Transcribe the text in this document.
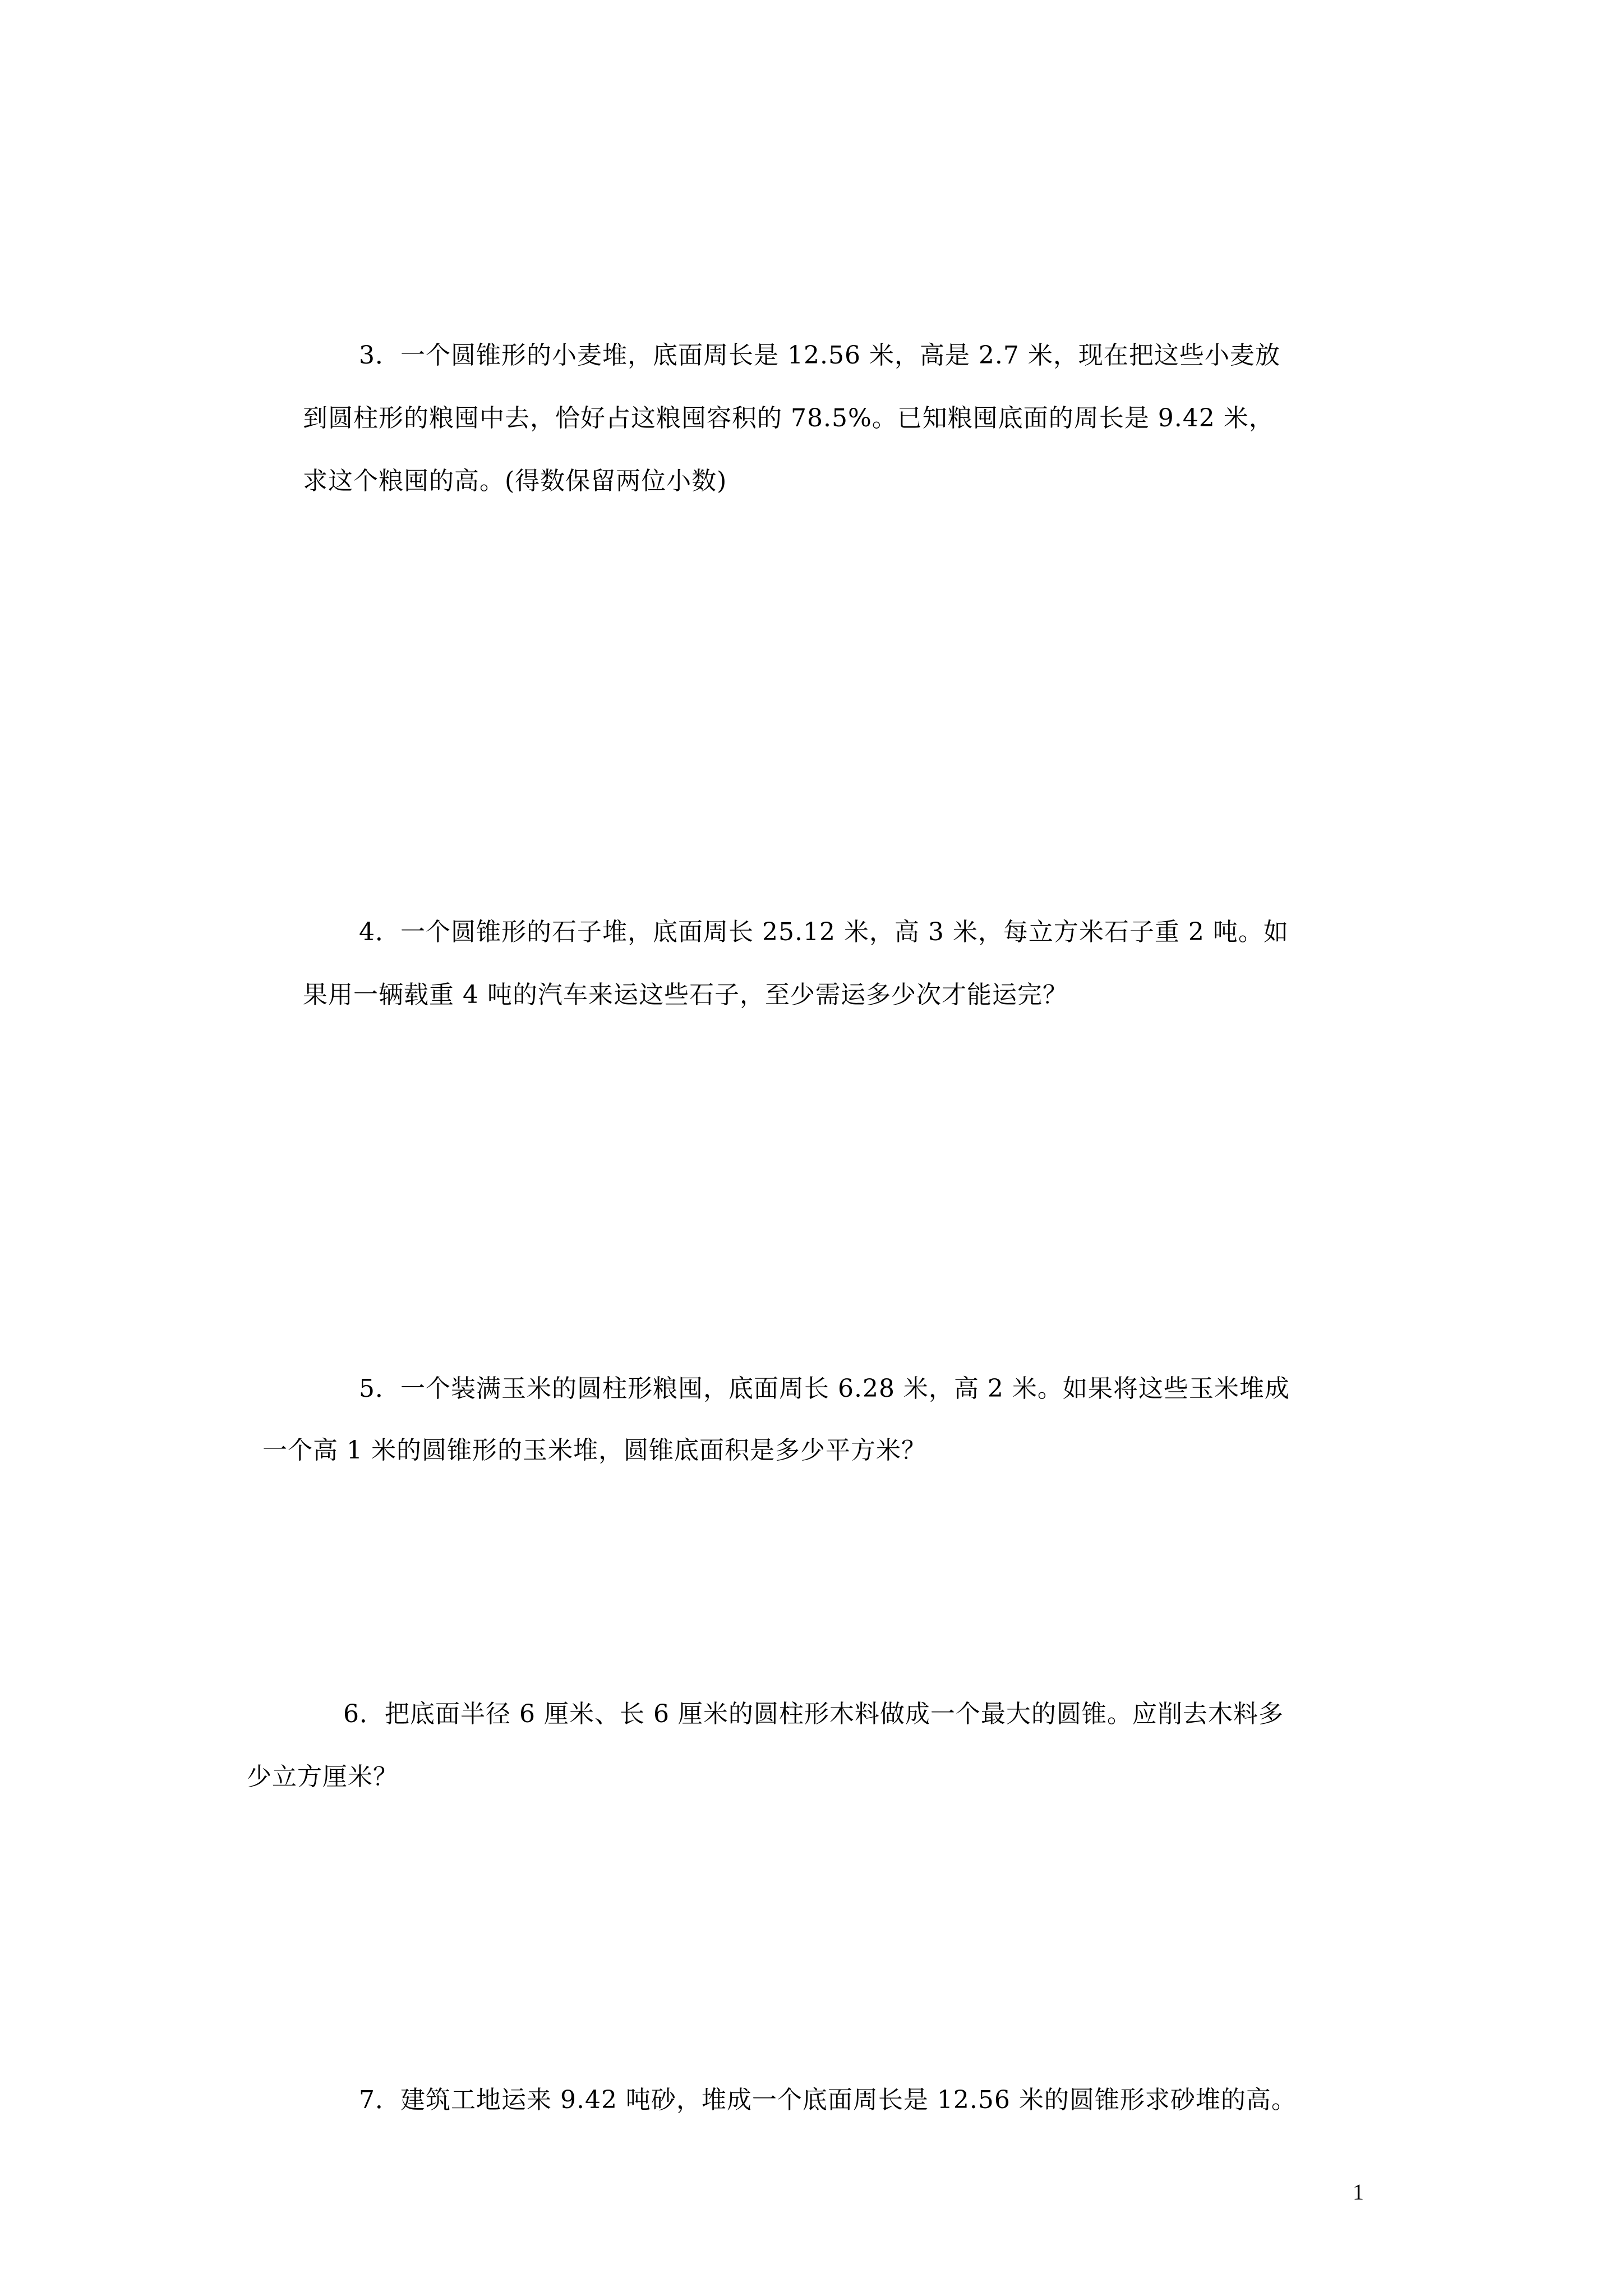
3．一个圆锥形的小麦堆，底面周长是 12.56 米，高是 2.7 米，现在把这些小麦放
到圆柱形的粮囤中去，恰好占这粮囤容积的 78.5%。已知粮囤底面的周长是 9.42 米，
求这个粮囤的高。(得数保留两位小数)
4．一个圆锥形的石子堆，底面周长 25.12 米，高 3 米，每立方米石子重 2 吨。如
果用一辆载重 4 吨的汽车来运这些石子，至少需运多少次才能运完？
5．一个装满玉米的圆柱形粮囤，底面周长 6.28 米，高 2 米。如果将这些玉米堆成
一个高 1 米的圆锥形的玉米堆，圆锥底面积是多少平方米？
6．把底面半径 6 厘米、长 6 厘米的圆柱形木料做成一个最大的圆锥。应削去木料多
少立方厘米？
7．建筑工地运来 9.42 吨砂，堆成一个底面周长是 12.56 米的圆锥形求砂堆的高。
1
